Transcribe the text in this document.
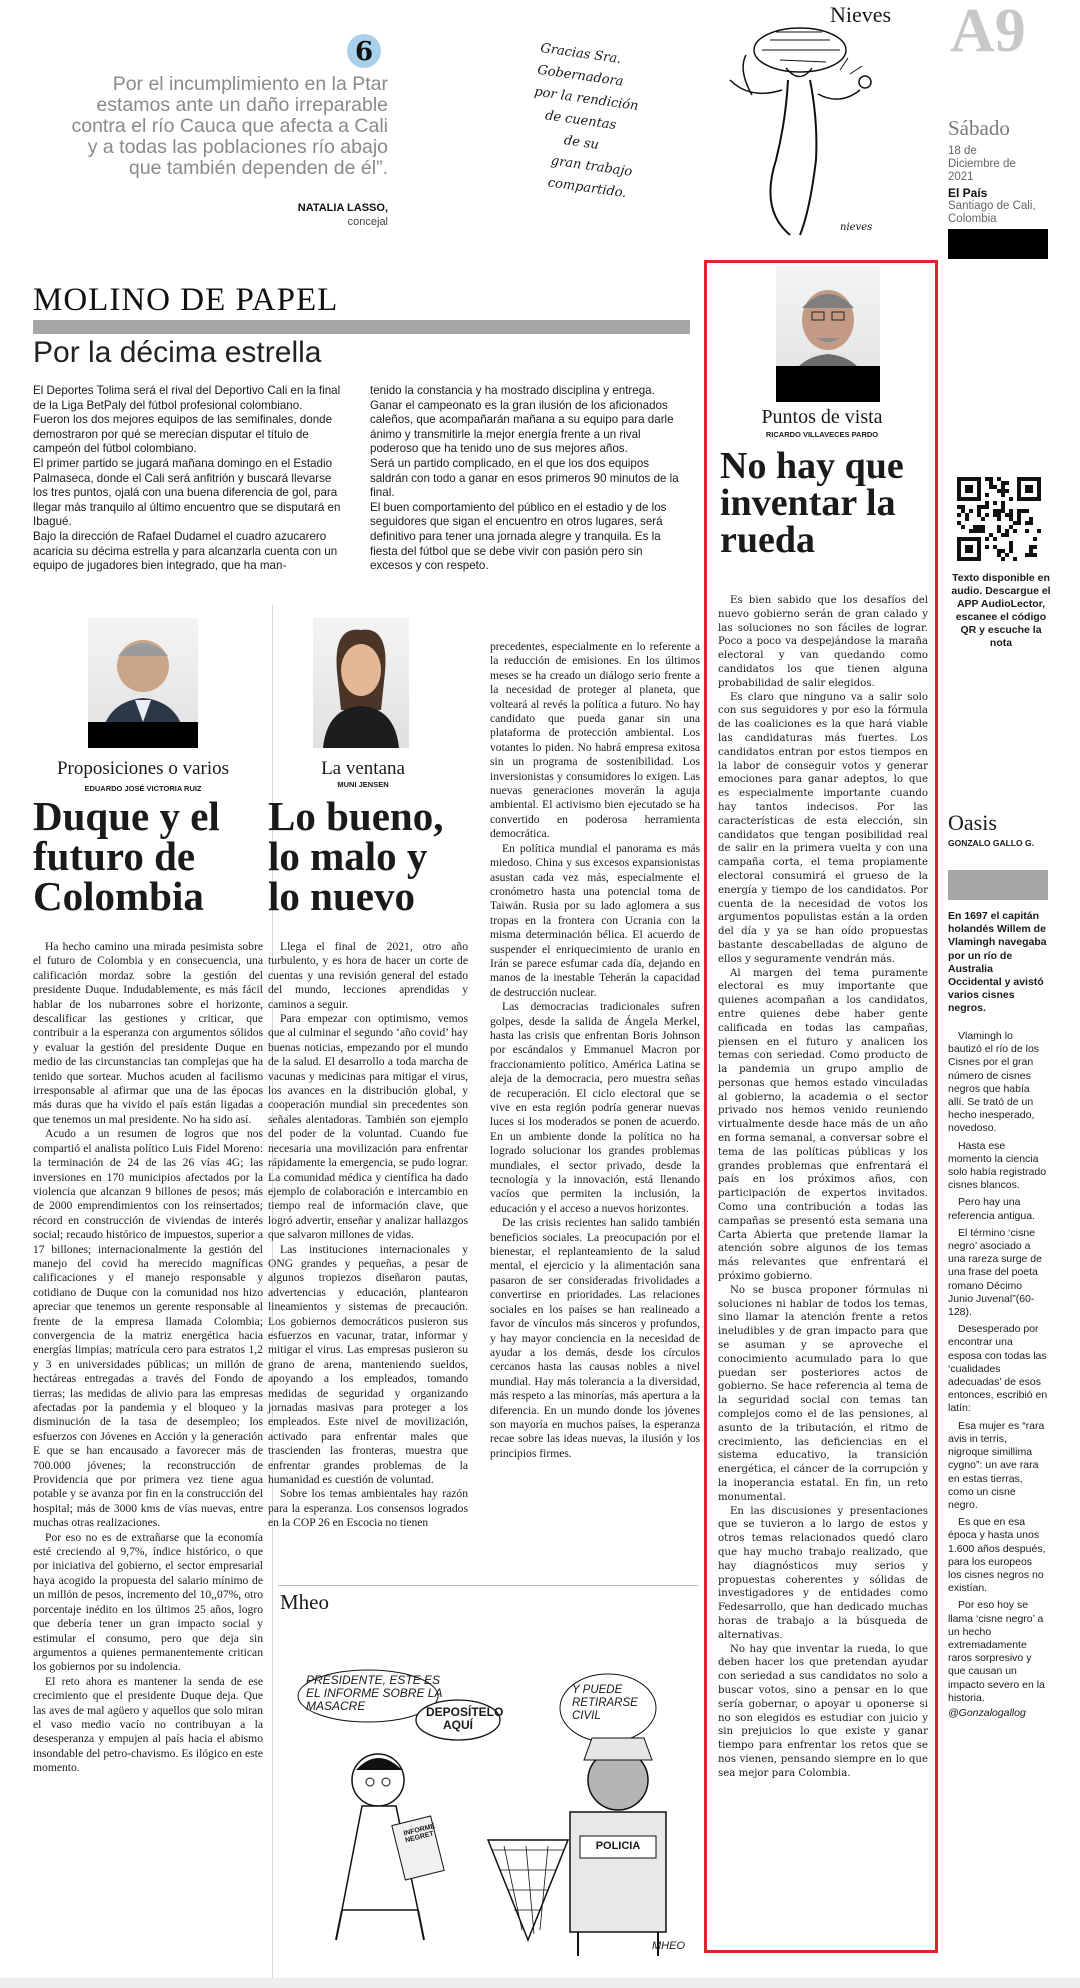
6
Por el incumplimiento en la Ptar estamos ante un daño irreparable contra el río Cauca que afecta a Cali y a todas las poblaciones río abajo que también dependen de él”.
NATALIA LASSO,
concejal
Nieves
Gracias Sra.
Gobernadora
por la rendición
de cuentas
de su
gran trabajo
compartido.
nieves
A9
Sábado
18 de Diciembre de 2021
El País
Santiago de Cali, Colombia
MOLINO DE PAPEL
Por la décima estrella
El Deportes Tolima será el rival del Deportivo Cali en la final de la Liga BetPaly del fútbol profesional colombiano.
Fueron los dos mejores equipos de las semifinales, donde demostraron por qué se merecían disputar el título de campeón del fútbol colombiano.
El primer partido se jugará mañana domingo en el Estadio Palmaseca, donde el Cali será anfitrión y buscará llevarse los tres puntos, ojalá con una buena diferencia de gol, para llegar más tranquilo al último encuentro que se disputará en Ibagué.
Bajo la dirección de Rafael Dudamel el cuadro azucarero acaricia su décima estrella y para alcanzarla cuenta con un equipo de jugadores bien integrado, que ha man-
tenido la constancia y ha mostrado disciplina y entrega.
Ganar el campeonato es la gran ilusión de los aficionados caleños, que acompañarán mañana a su equipo para darle ánimo y transmitirle la mejor energía frente a un rival poderoso que ha tenido uno de sus mejores años.
Será un partido complicado, en el que los dos equipos saldrán con todo a ganar en esos primeros 90 minutos de la final.
El buen comportamiento del público en el estadio y de los seguidores que sigan el encuentro en otros lugares, será definitivo para tener una jornada alegre y tranquila. Es la fiesta del fútbol que se debe vivir con pasión pero sin excesos y con respeto.
Proposiciones o varios
EDUARDO JOSÉ VICTORIA RUIZ
Duque y el futuro de Colombia

Ha hecho camino una mirada pesimista sobre el futuro de Colombia y en consecuencia, una calificación mordaz sobre la gestión del presidente Duque. Indudablemente, es más fácil hablar de los nubarrones sobre el horizonte, descalificar las gestiones y criticar, que contribuir a la esperanza con argumentos sólidos y evaluar la gestión del presidente Duque en medio de las circunstancias tan complejas que ha tenido que sortear. Muchos acuden al facilismo irresponsable al afirmar que una de las épocas más duras que ha vivido el país están ligadas a que tenemos un mal presidente. No ha sido así.

Acudo a un resumen de logros que nos compartió el analista político Luis Fidel Moreno: la terminación de 24 de las 26 vías 4G; las inversiones en 170 municipios afectados por la violencia que alcanzan 9 billones de pesos; más de 2000 emprendimientos con los reinsertados; récord en construcción de viviendas de interés social; recaudo histórico de impuestos, superior a 17 billones; internacionalmente la gestión del manejo del covid ha merecido magníficas calificaciones y el manejo responsable y cotidiano de Duque con la comunidad nos hizo apreciar que tenemos un gerente responsable al frente de la empresa llamada Colombia; convergencia de la matriz energética hacia energías limpias; matrícula cero para estratos 1,2 y 3 en universidades públicas; un millón de hectáreas entregadas a través del Fondo de tierras; las medidas de alivio para las empresas afectadas por la pandemia y el bloqueo y la disminución de la tasa de desempleo; los esfuerzos con Jóvenes en Acción y la generación E que se han encausado a favorecer más de 700.000 jóvenes; la reconstrucción de Providencia que por primera vez tiene agua potable y se avanza por fin en la construcción del hospital; más de 3000 kms de vías nuevas, entre muchas otras realizaciones.

Por eso no es de extrañarse que la economía esté creciendo al 9,7%, índice histórico, o que por iniciativa del gobierno, el sector empresarial haya acogido la propuesta del salario mínimo de un millón de pesos, incremento del 10,,07%, otro porcentaje inédito en los últimos 25 años, logro que debería tener un gran impacto social y estimular el consumo, pero que deja sin argumentos a quienes permanentemente critican los gobiernos por su indolencia.

El reto ahora es mantener la senda de ese crecimiento que el presidente Duque deja. Que las aves de mal agüero y aquellos que solo miran el vaso medio vacío no contribuyan a la desesperanza y empujen al país hacia el abismo insondable del petro-chavismo. Es ilógico en este momento.

La ventana
MUNI JENSEN
Lo bueno, lo malo y lo nuevo

Llega el final de 2021, otro año turbulento, y es hora de hacer un corte de cuentas y una revisión general del estado del mundo, lecciones aprendidas y caminos a seguir.

Para empezar con optimismo, vemos que al culminar el segundo ‘año covid’ hay buenas noticias, empezando por el mundo de la salud. El desarrollo a toda marcha de vacunas y medicinas para mitigar el virus, los avances en la distribución global, y cooperación mundial sin precedentes son señales alentadoras. También son ejemplo del poder de la voluntad. Cuando fue necesaria una movilización para enfrentar rápidamente la emergencia, se pudo lograr. La comunidad médica y científica ha dado ejemplo de colaboración e intercambio en tiempo real de información clave, que logró advertir, enseñar y analizar hallazgos que salvaron millones de vidas.

Las instituciones internacionales y ONG grandes y pequeñas, a pesar de algunos tropiezos diseñaron pautas, advertencias y educación, plantearon lineamientos y sistemas de precaución. Los gobiernos democráticos pusieron sus esfuerzos en vacunar, tratar, informar y mitigar el virus. Las empresas pusieron su grano de arena, manteniendo sueldos, apoyando a los empleados, tomando medidas de seguridad y organizando jornadas masivas para proteger a los empleados. Este nivel de movilización, activado para enfrentar males que trascienden las fronteras, muestra que enfrentar grandes problemas de la humanidad es cuestión de voluntad.

Sobre los temas ambientales hay razón para la esperanza. Los consensos logrados en la COP 26 en Escocia no tienen

precedentes, especialmente en lo referente a la reducción de emisiones. En los últimos meses se ha creado un diálogo serio frente a la necesidad de proteger al planeta, que volteará al revés la política a futuro. No hay candidato que pueda ganar sin una plataforma de protección ambiental. Los votantes lo piden. No habrá empresa exitosa sin un programa de sostenibilidad. Los inversionistas y consumidores lo exigen. Las nuevas generaciones moverán la aguja ambiental. El activismo bien ejecutado se ha convertido en poderosa herramienta democrática.

En política mundial el panorama es más miedoso. China y sus excesos expansionistas asustan cada vez más, especialmente el cronómetro hasta una potencial toma de Taiwán. Rusia por su lado aglomera a sus tropas en la frontera con Ucrania con la misma determinación bélica. El acuerdo de suspender el enriquecimiento de uranio en Irán se parece esfumar cada día, dejando en manos de la inestable Teherán la capacidad de destrucción nuclear.

Las democracias tradicionales sufren golpes, desde la salida de Ángela Merkel, hasta las crisis que enfrentan Boris Johnson por escándalos y Emmanuel Macron por fraccionamiento político. América Latina se aleja de la democracia, pero muestra señas de recuperación. El ciclo electoral que se vive en esta región podría generar nuevas luces si los moderados se ponen de acuerdo. En un ambiente donde la política no ha logrado solucionar los grandes problemas mundiales, el sector privado, desde la tecnología y la innovación, está llenando vacíos que permiten la inclusión, la educación y el acceso a nuevos horizontes.

De las crisis recientes han salido también beneficios sociales. La preocupación por el bienestar, el replanteamiento de la salud mental, el ejercicio y la alimentación sana pasaron de ser consideradas frivolidades a convertirse en prioridades. Las relaciones sociales en los países se han realineado a favor de vínculos más sinceros y profundos, y hay mayor conciencia en la necesidad de ayudar a los demás, desde los círculos cercanos hasta las causas nobles a nivel mundial. Hay más tolerancia a la diversidad, más respeto a las minorías, más apertura a la diferencia. En un mundo donde los jóvenes son mayoría en muchos países, la esperanza recae sobre las ideas nuevas, la ilusión y los principios firmes.

Mheo
PRESIDENTE, ESTE ES EL INFORME SOBRE LA MASACRE	DEPOSÍTELO AQUÍ
Y PUEDE RETIRARSE CIVIL
INFORME NEGRET
POLICIA
MHEO
Puntos de vista
RICARDO VILLAVECES PARDO
No hay que inventar la rueda

Es bien sabido que los desafíos del nuevo gobierno serán de gran calado y las soluciones no son fáciles de lograr. Poco a poco va despejándose la maraña electoral y van quedando como candidatos los que tienen alguna probabilidad de salir elegidos.

Es claro que ninguno va a salir solo con sus seguidores y por eso la fórmula de las coaliciones es la que hará viable las candidaturas más fuertes. Los candidatos entran por estos tiempos en la labor de conseguir votos y generar emociones para ganar adeptos, lo que es especialmente importante cuando hay tantos indecisos. Por las características de esta elección, sin candidatos que tengan posibilidad real de salir en la primera vuelta y con una campaña corta, el tema propiamente electoral consumirá el grueso de la energía y tiempo de los candidatos. Por cuenta de la necesidad de votos los argumentos populistas están a la orden del día y ya se han oído propuestas bastante descabelladas de alguno de ellos y seguramente vendrán más.

Al margen del tema puramente electoral es muy importante que quienes acompañan a los candidatos, entre quienes debe haber gente calificada en todas las campañas, piensen en el futuro y analicen los temas con seriedad. Como producto de la pandemia un grupo amplio de personas que hemos estado vinculadas al gobierno, la academia o el sector privado nos hemos venido reuniendo virtualmente desde hace más de un año en forma semanal, a conversar sobre el tema de las políticas públicas y los grandes problemas que enfrentará el país en los próximos años, con participación de expertos invitados. Como una contribución a todas las campañas se presentó esta semana una Carta Abierta que pretende llamar la atención sobre algunos de los temas más relevantes que enfrentará el próximo gobierno.

No se busca proponer fórmulas ni soluciones ni hablar de todos los temas, sino llamar la atención frente a retos ineludibles y de gran impacto para que se asuman y se aproveche el conocimiento acumulado para lo que puedan ser posteriores actos de gobierno. Se hace referencia al tema de la seguridad social con temas tan complejos como el de las pensiones, al asunto de la tributación, el ritmo de crecimiento, las deficiencias en el sistema educativo, la transición energética, el cáncer de la corrupción y la inoperancia estatal. En fin, un reto monumental.

En las discusiones y presentaciones que se tuvieron a lo largo de estos y otros temas relacionados quedó claro que hay mucho trabajo realizado, que hay diagnósticos muy serios y propuestas coherentes y sólidas de investigadores y de entidades como Fedesarrollo, que han dedicado muchas horas de trabajo a la búsqueda de alternativas.

No hay que inventar la rueda, lo que deben hacer los que pretendan ayudar con seriedad a sus candidatos no solo a buscar votos, sino a pensar en lo que sería gobernar, o apoyar u oponerse si no son elegidos es estudiar con juicio y sin prejuicios lo que existe y ganar tiempo para enfrentar los retos que se nos vienen, pensando siempre en lo que sea mejor para Colombia.

Texto disponible en audio. Descargue el APP AudioLector, escanee el código QR y escuche la nota
Oasis
GONZALO GALLO G.
En 1697 el capitán holandés Willem de Vlamingh navegaba por un río de Australia Occidental y avistó varios cisnes negros.

Vlamingh lo bautizó el río de los Cisnes por el gran número de cisnes negros que había allí. Se trató de un hecho inesperado, novedoso.

Hasta ese momento la ciencia solo había registrado cisnes blancos.

Pero hay una referencia antigua.

El término ‘cisne negro’ asociado a una rareza surge de una frase del poeta romano Décimo Junio Juvenal”(60-128).

Desesperado por encontrar una esposa con todas las ‘cualidades adecuadas’ de esos entonces, escribió en latín:

Esa mujer es “rara avis in terris, nigroque simillima cygno”: un ave rara en estas tierras, como un cisne negro.

Es que en esa época y hasta unos 1.600 años después, para los europeos los cisnes negros no existían.

Por eso hoy se llama ‘cisne negro’ a un hecho extremadamente raros sorpresivo y que causan un impacto severo en la historia.

@Gonzalogallog
